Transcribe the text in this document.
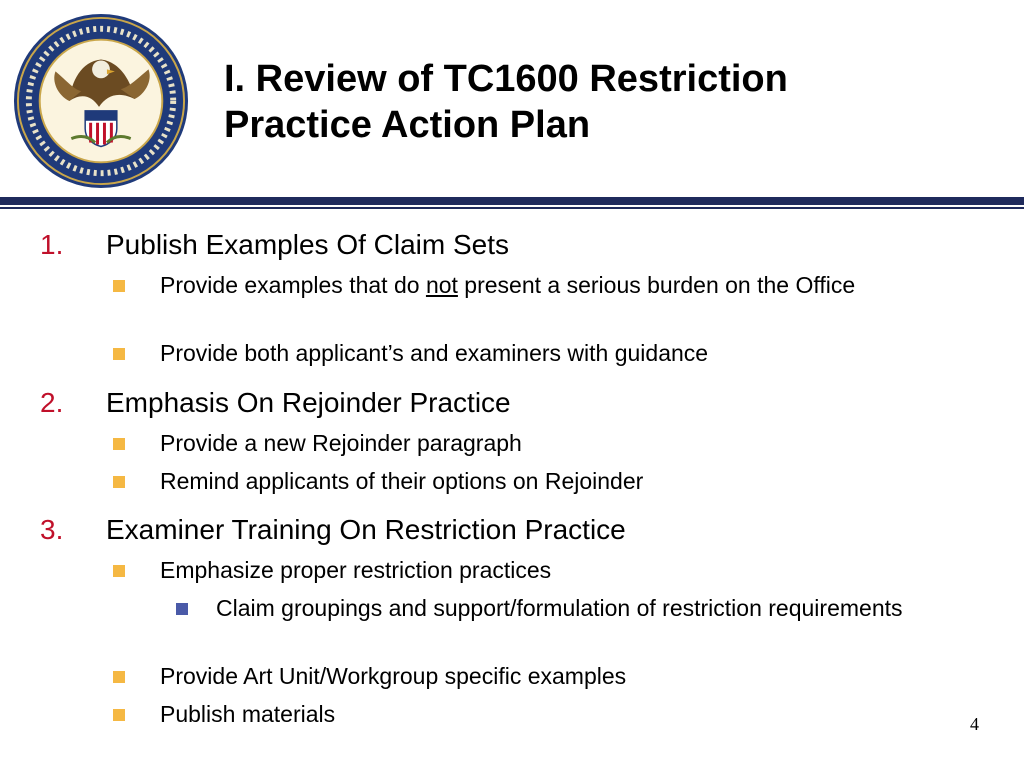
I. Review of TC1600 Restriction
Practice Action Plan
1. Publish Examples Of Claim Sets
Provide examples that do not present a serious burden on the Office
Provide both applicant’s and examiners with guidance
2. Emphasis On Rejoinder Practice
Provide a new Rejoinder paragraph
Remind applicants of their options on Rejoinder
3. Examiner Training On Restriction Practice
Emphasize proper restriction practices
Claim groupings and support/formulation of restriction requirements
Provide Art Unit/Workgroup specific examples
Publish materials	4
